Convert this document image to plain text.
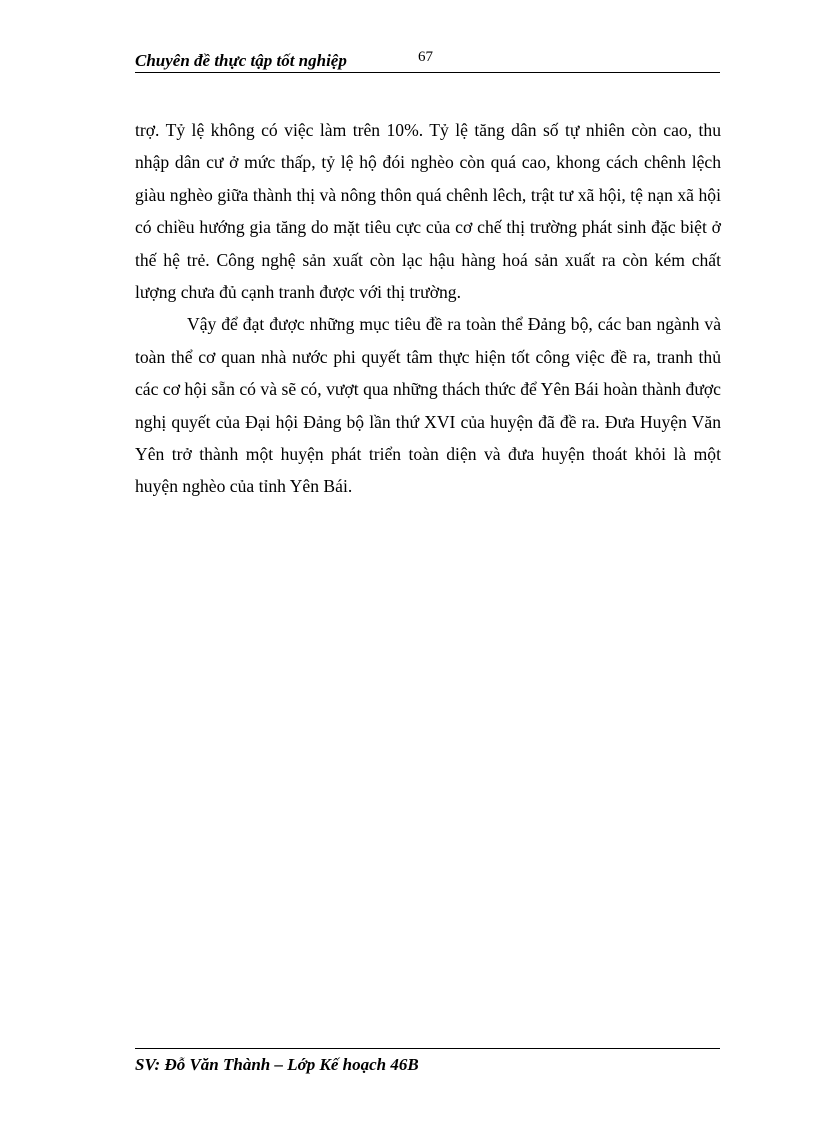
Chuyên đề thực tập tốt nghiệp	67

trợ. Tỷ lệ không có việc làm trên 10%. Tỷ lệ tăng dân số tự nhiên còn cao, thu nhập dân cư ở mức thấp, tỷ lệ hộ đói nghèo còn quá cao, khong cách chênh lệch giàu nghèo giữa thành thị và nông thôn quá chênh lêch, trật tư xã hội, tệ nạn xã hội có chiều hướng gia tăng do mặt tiêu cực của cơ chế thị trường phát sinh đặc biệt ở thế hệ trẻ. Công nghệ sản xuất còn lạc hậu hàng hoá sản xuất ra còn kém chất lượng chưa đủ cạnh tranh được với thị trường.

Vậy để đạt được những mục tiêu đề ra toàn thể Đảng bộ, các ban ngành và toàn thể cơ quan nhà nước phi quyết tâm thực hiện tốt công việc đề ra, tranh thủ các cơ hội sẵn có và sẽ có, vượt qua những thách thức để Yên Bái hoàn thành được nghị quyết của Đại hội Đảng bộ lần thứ XVI của huyện đã đề ra. Đưa Huyện Văn Yên trở thành một huyện phát triển toàn diện và đưa huyện thoát khỏi là một huyện nghèo của tỉnh Yên Bái.

SV: Đỗ Văn Thành – Lớp Kế hoạch 46B
